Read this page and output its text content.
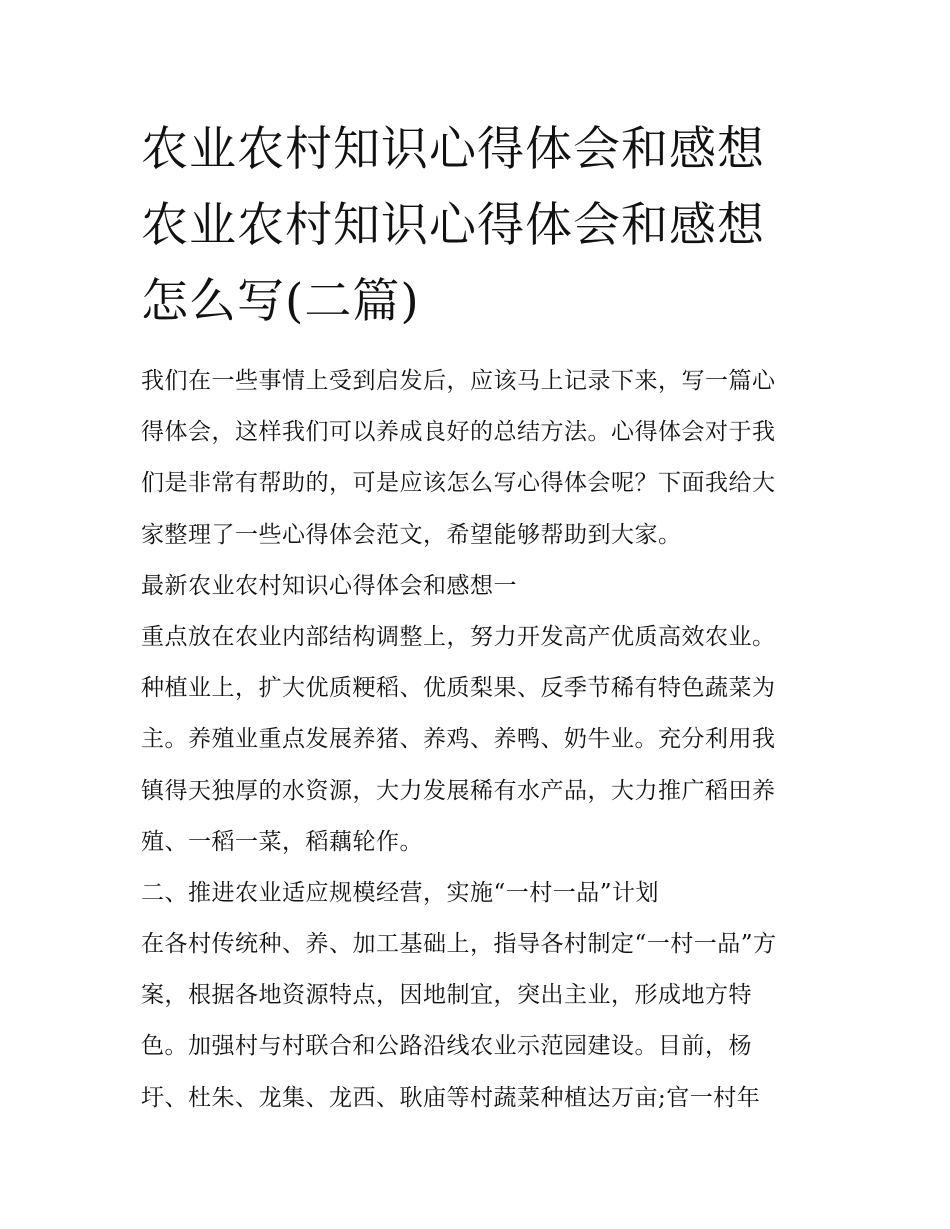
农业农村知识心得体会和感想
农业农村知识心得体会和感想
怎么写(二篇)
我们在一些事情上受到启发后，应该马上记录下来，写一篇心
得体会，这样我们可以养成良好的总结方法。心得体会对于我
们是非常有帮助的，可是应该怎么写心得体会呢？下面我给大
家整理了一些心得体会范文，希望能够帮助到大家。
最新农业农村知识心得体会和感想一
重点放在农业内部结构调整上，努力开发高产优质高效农业。
种植业上，扩大优质粳稻、优质梨果、反季节稀有特色蔬菜为
主。养殖业重点发展养猪、养鸡、养鸭、奶牛业。充分利用我
镇得天独厚的水资源，大力发展稀有水产品，大力推广稻田养
殖、一稻一菜，稻藕轮作。
二、推进农业适应规模经营，实施“一村一品”计划
在各村传统种、养、加工基础上，指导各村制定“一村一品”方
案，根据各地资源特点，因地制宜，突出主业，形成地方特
色。加强村与村联合和公路沿线农业示范园建设。目前，杨
圩、杜朱、龙集、龙西、耿庙等村蔬菜种植达万亩;官一村年
